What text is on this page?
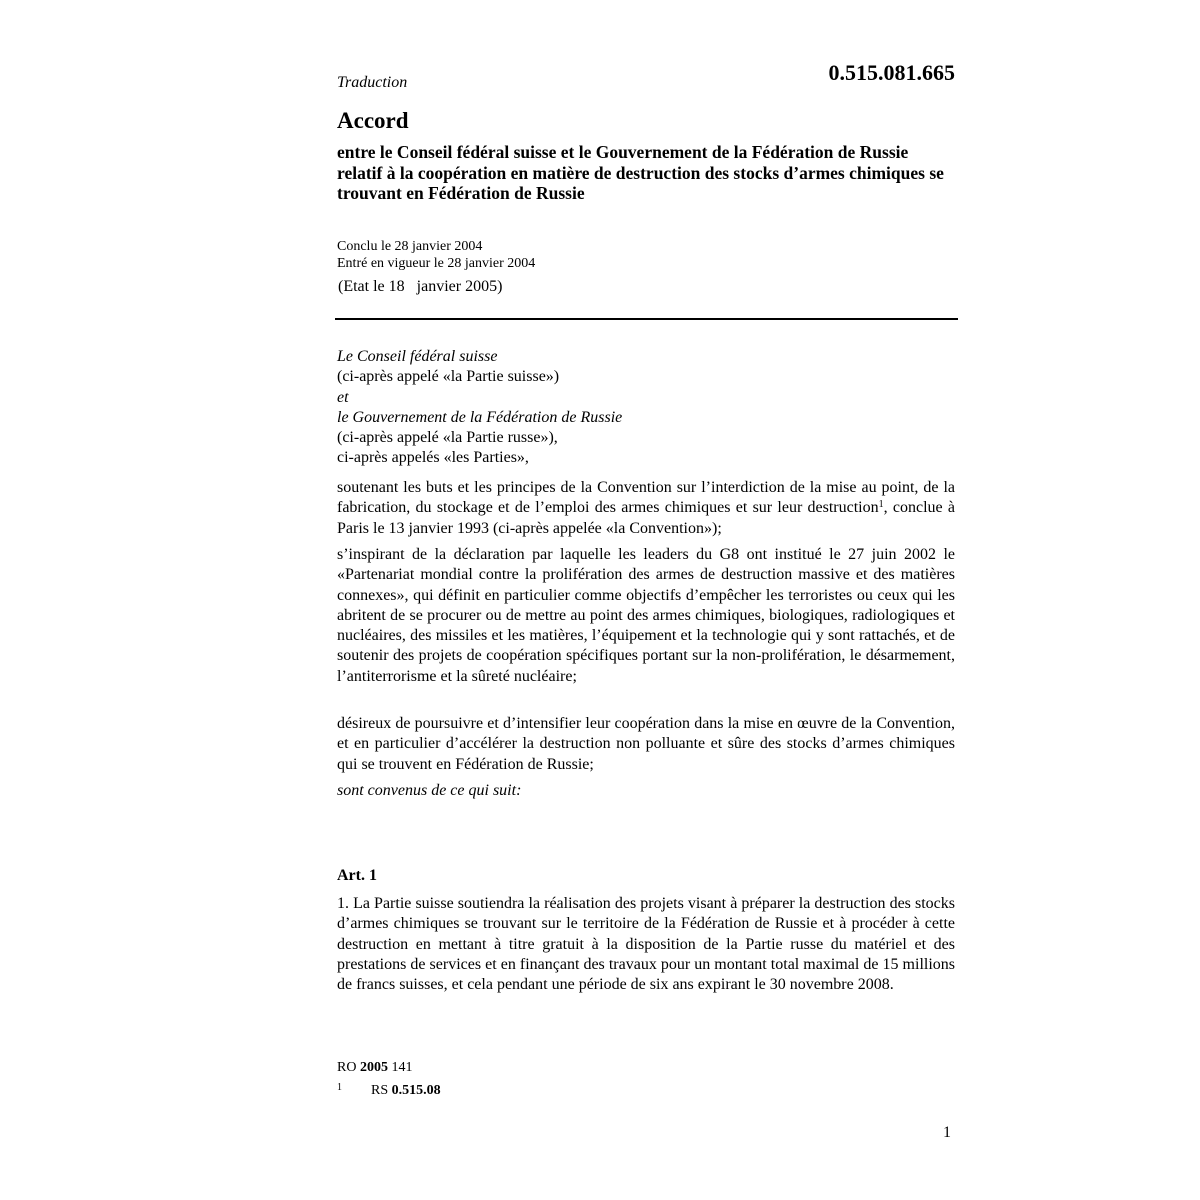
Traduction	0.515.081.665
Accord
entre le Conseil fédéral suisse et le Gouvernement de la Fédération de Russie relatif à la coopération en matière de destruction des stocks d’armes chimiques se trouvant en Fédération de Russie
Conclu le 28 janvier 2004
Entré en vigueur le 28 janvier 2004
(Etat le 18   janvier 2005)
Le Conseil fédéral suisse
(ci-après appelé «la Partie suisse»)
et
le Gouvernement de la Fédération de Russie
(ci-après appelé «la Partie russe»),
ci-après appelés «les Parties»,
soutenant les buts et les principes de la Convention sur l’interdiction de la mise au point, de la fabrication, du stockage et de l’emploi des armes chimiques et sur leur destruction$^1$, conclue à Paris le 13 janvier 1993 (ci-après appelée «la Convention»);
s’inspirant de la déclaration par laquelle les leaders du G8 ont institué le 27 juin 2002 le «Partenariat mondial contre la prolifération des armes de destruction massive et des matières connexes», qui définit en particulier comme objectifs d’empêcher les terroristes ou ceux qui les abritent de se procurer ou de mettre au point des armes chimiques, biologiques, radiologiques et nucléaires, des missiles et les matières, l’équipement et la technologie qui y sont rattachés, et de soutenir des projets de coopération spécifiques portant sur la non-prolifération, le désarmement, l’antiterrorisme et la sûreté nucléaire;
désireux de poursuivre et d’intensifier leur coopération dans la mise en œuvre de la Convention, et en particulier d’accélérer la destruction non polluante et sûre des stocks d’armes chimiques qui se trouvent en Fédération de Russie;
sont convenus de ce qui suit:
Art. 1
1. La Partie suisse soutiendra la réalisation des projets visant à préparer la destruction des stocks d’armes chimiques se trouvant sur le territoire de la Fédération de Russie et à procéder à cette destruction en mettant à titre gratuit à la disposition de la Partie russe du matériel et des prestations de services et en finançant des travaux pour un montant total maximal de 15 millions de francs suisses, et cela pendant une période de six ans expirant le 30 novembre 2008.
RO 2005 141
1 RS 0.515.08
1
